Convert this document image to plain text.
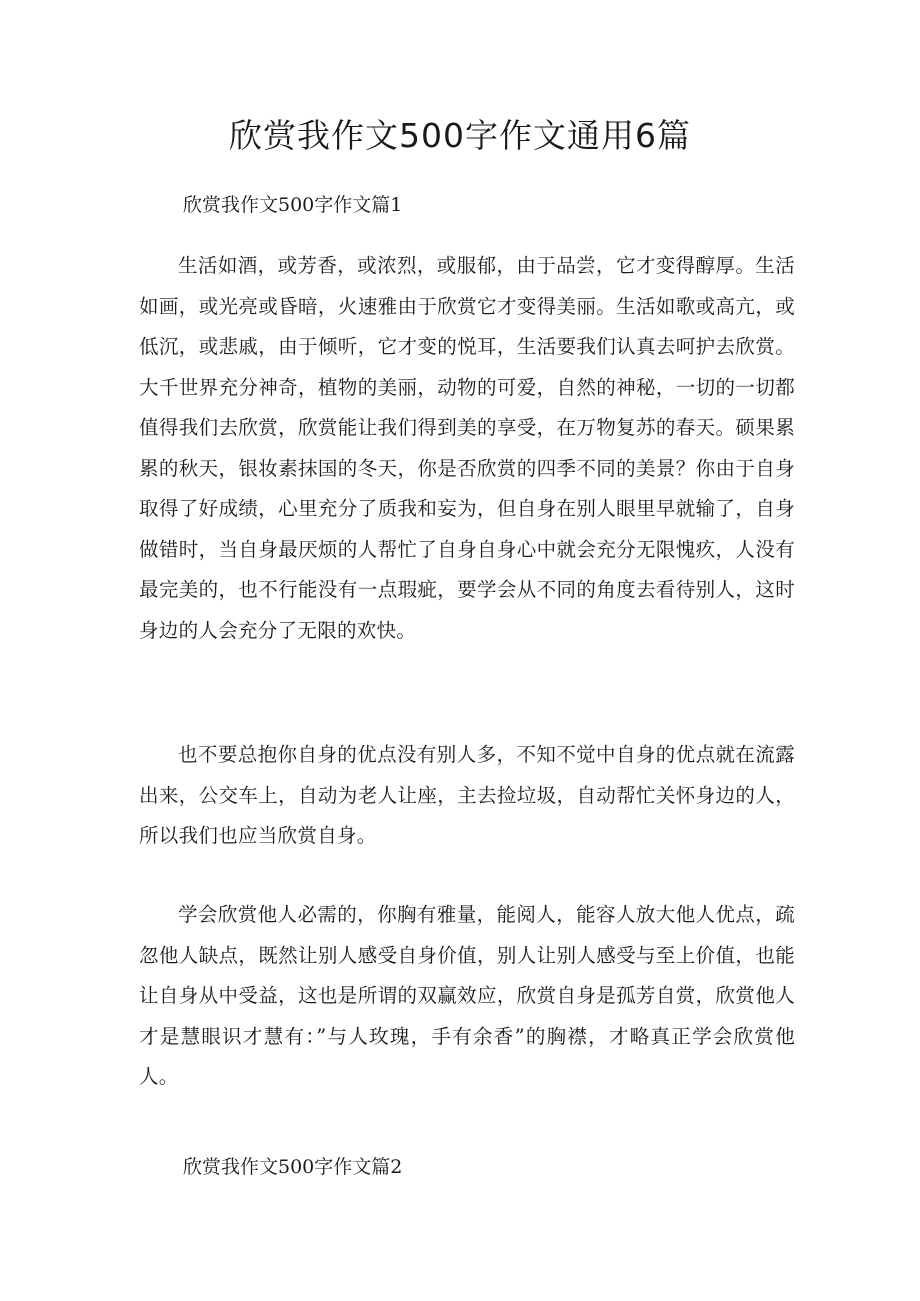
欣赏我作文500字作文通用6篇
欣赏我作文500字作文篇1

生活如酒，或芳香，或浓烈，或服郁，由于品尝，它才变得醇厚。生活如画，或光亮或昏暗，火速雅由于欣赏它才变得美丽。生活如歌或高亢，或低沉，或悲戚，由于倾听，它才变的悦耳，生活要我们认真去呵护去欣赏。大千世界充分神奇，植物的美丽，动物的可爱，自然的神秘，一切的一切都值得我们去欣赏，欣赏能让我们得到美的享受，在万物复苏的春天。硕果累累的秋天，银妆素抹国的冬天，你是否欣赏的四季不同的美景？你由于自身取得了好成绩，心里充分了质我和妄为，但自身在别人眼里早就输了，自身做错时，当自身最厌烦的人帮忙了自身自身心中就会充分无限愧疚，人没有最完美的，也不行能没有一点瑕疵，要学会从不同的角度去看待别人，这时身边的人会充分了无限的欢快。

也不要总抱你自身的优点没有别人多，不知不觉中自身的优点就在流露出来，公交车上，自动为老人让座，主去捡垃圾，自动帮忙关怀身边的人，所以我们也应当欣赏自身。

学会欣赏他人必需的，你胸有雅量，能阅人，能容人放大他人优点，疏忽他人缺点，既然让别人感受自身价值，别人让别人感受与至上价值，也能让自身从中受益，这也是所谓的双赢效应，欣赏自身是孤芳自赏，欣赏他人才是慧眼识才慧有：”与人玫瑰，手有余香”的胸襟，才略真正学会欣赏他人。

欣赏我作文500字作文篇2
